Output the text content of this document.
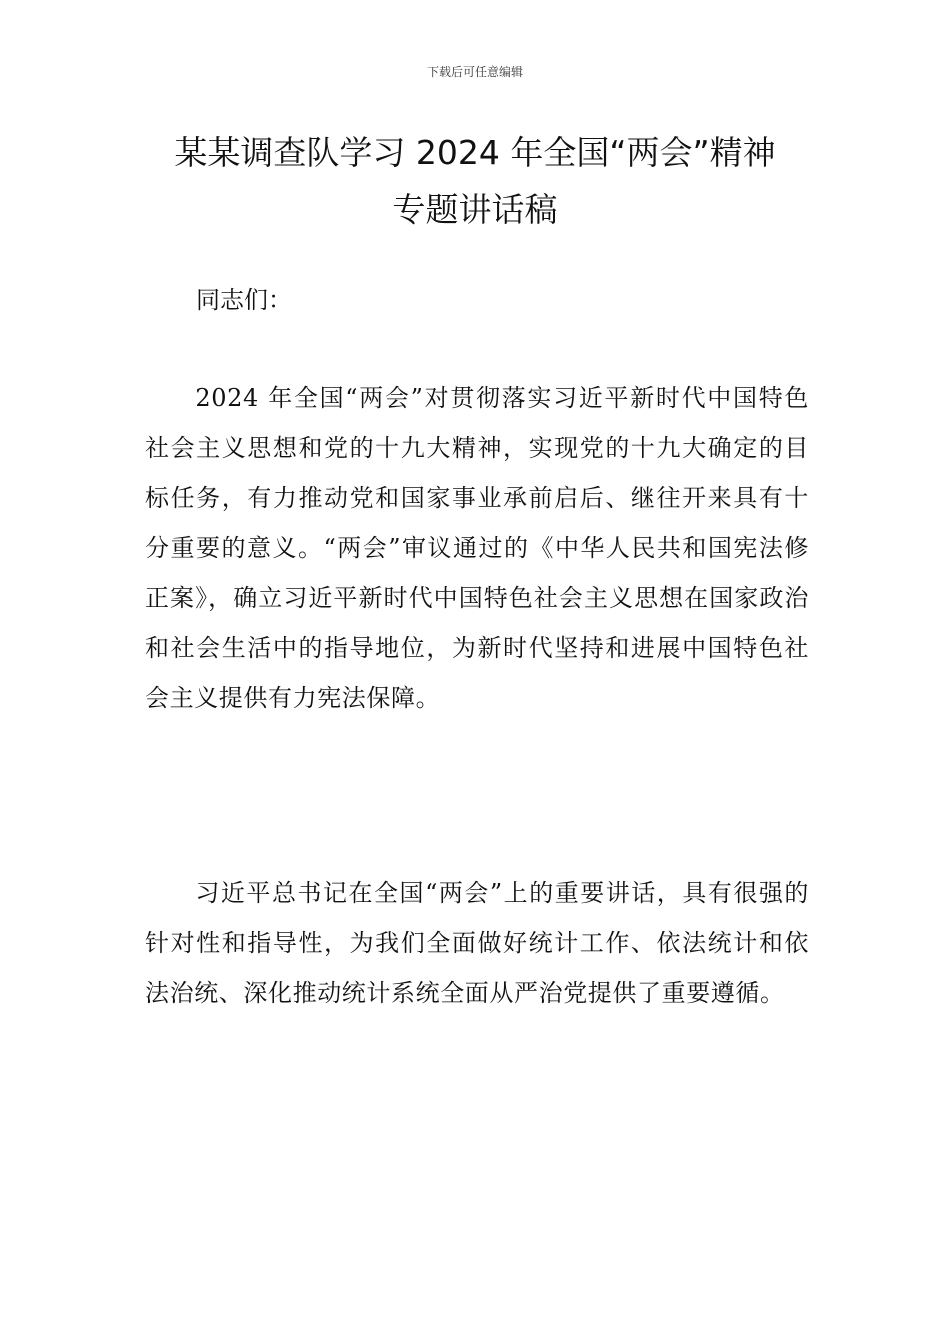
下载后可任意编辑
某某调查队学习 2024 年全国“两会”精神
专题讲话稿

同志们：

2024 年全国“两会”对贯彻落实习近平新时代中国特色社会主义思想和党的十九大精神，实现党的十九大确定的目标任务，有力推动党和国家事业承前启后、继往开来具有十分重要的意义。“两会”审议通过的《中华人民共和国宪法修正案》，确立习近平新时代中国特色社会主义思想在国家政治和社会生活中的指导地位，为新时代坚持和进展中国特色社会主义提供有力宪法保障。

习近平总书记在全国“两会”上的重要讲话，具有很强的针对性和指导性，为我们全面做好统计工作、依法统计和依法治统、深化推动统计系统全面从严治党提供了重要遵循。
